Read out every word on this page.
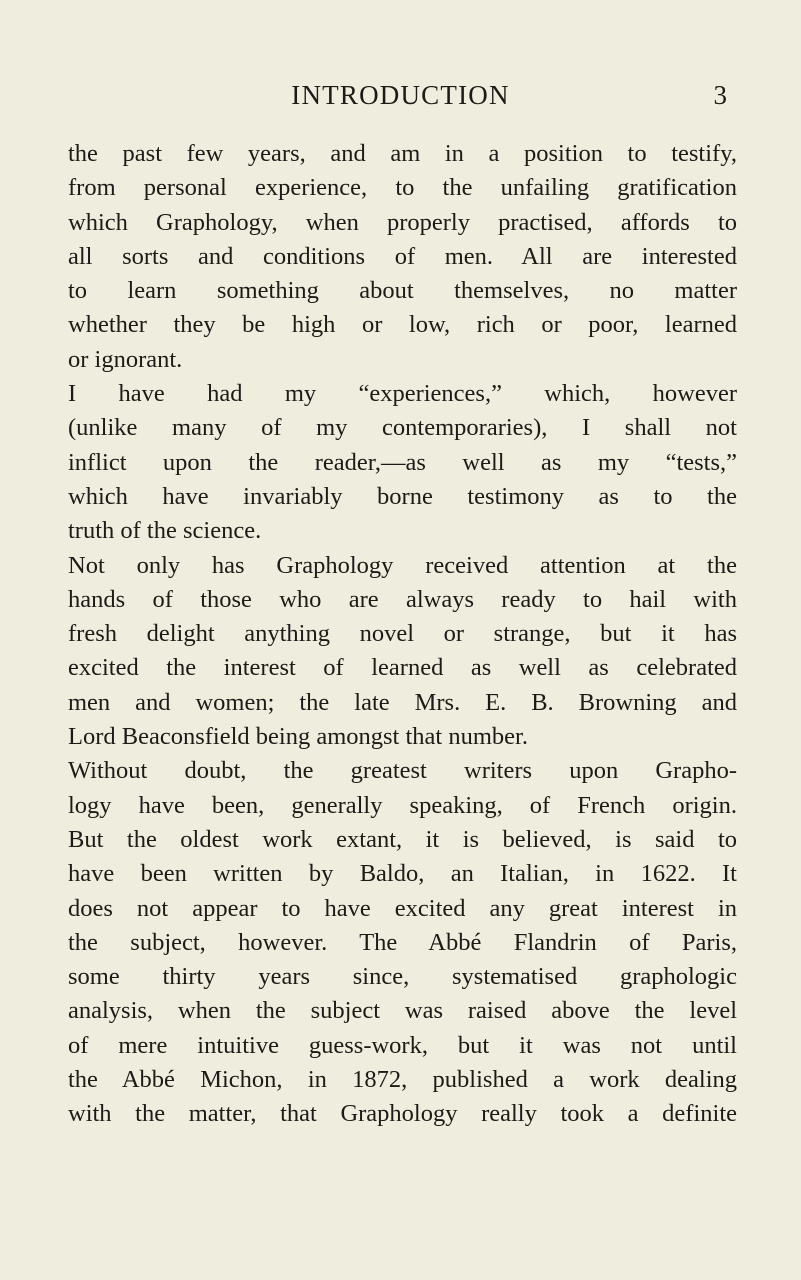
INTRODUCTION	3
the past few years, and am in a position to testify,
from personal experience, to the unfailing gratification
which Graphology, when properly practised, affords to
all sorts and conditions of men. All are interested
to learn something about themselves, no matter
whether they be high or low, rich or poor, learned
or ignorant.
I have had my “experiences,” which, however
(unlike many of my contemporaries), I shall not
inflict upon the reader,—as well as my “tests,”
which have invariably borne testimony as to the
truth of the science.
Not only has Graphology received attention at the
hands of those who are always ready to hail with
fresh delight anything novel or strange, but it has
excited the interest of learned as well as celebrated
men and women; the late Mrs. E. B. Browning and
Lord Beaconsfield being amongst that number.
Without doubt, the greatest writers upon Grapho-
logy have been, generally speaking, of French origin.
But the oldest work extant, it is believed, is said to
have been written by Baldo, an Italian, in 1622. It
does not appear to have excited any great interest in
the subject, however. The Abbé Flandrin of Paris,
some thirty years since, systematised graphologic
analysis, when the subject was raised above the level
of mere intuitive guess-work, but it was not until
the Abbé Michon, in 1872, published a work dealing
with the matter, that Graphology really took a definite
